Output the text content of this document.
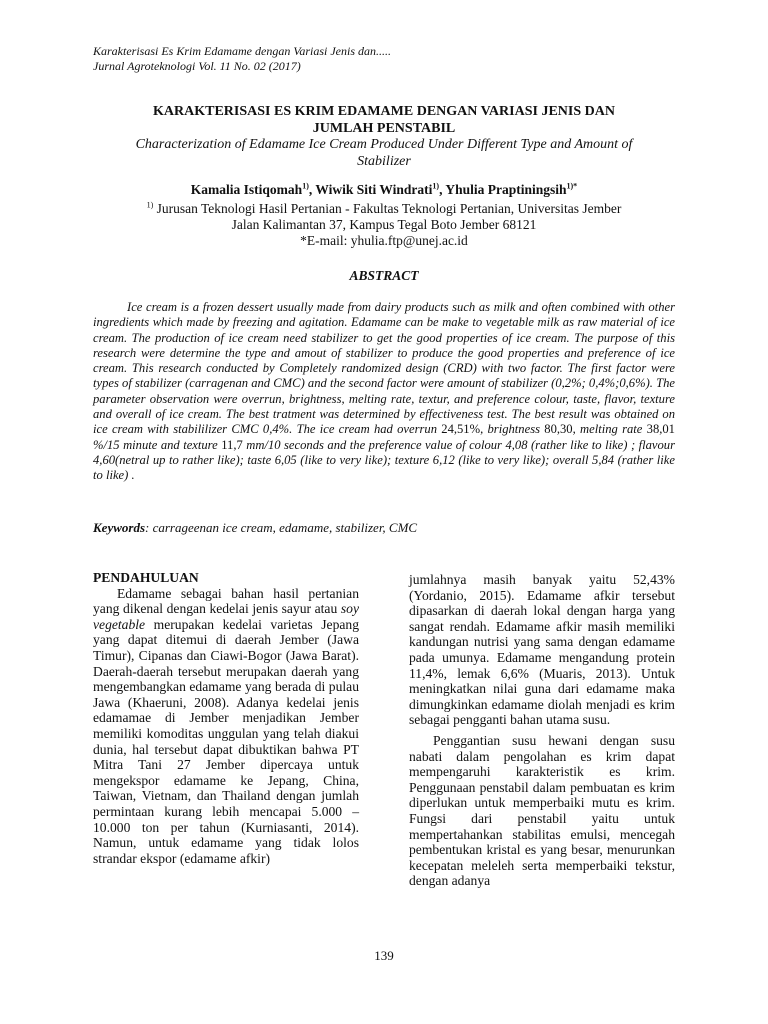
Karakterisasi Es Krim Edamame dengan Variasi Jenis dan.....
Jurnal Agroteknologi Vol. 11 No. 02 (2017)
KARAKTERISASI ES KRIM EDAMAME DENGAN VARIASI JENIS DAN
JUMLAH PENSTABIL
Characterization of Edamame Ice Cream Produced Under Different Type and Amount of
Stabilizer
Kamalia Istiqomah$^{1)}$, Wiwik Siti Windrati$^{1)}$, Yhulia Praptiningsih$^{1)*}$
$^{1)}$ Jurusan Teknologi Hasil Pertanian - Fakultas Teknologi Pertanian, Universitas Jember
Jalan Kalimantan 37, Kampus Tegal Boto Jember 68121
*E-mail: yhulia.ftp@unej.ac.id
ABSTRACT
Ice cream is a frozen dessert usually made from dairy products such as milk and often combined with other ingredients which made by freezing and agitation. Edamame can be make to vegetable milk as raw material of ice cream. The production of ice cream need stabilizer to get the good properties of ice cream. The purpose of this research were determine the type and amout of stabilizer to produce the good properties and preference of ice cream. This research conducted by Completely randomized design (CRD) with two factor. The first factor were types of stabilizer (carragenan and CMC) and the second factor were amount of stabilizer (0,2%; 0,4%;0,6%). The parameter observation were overrun, brightness, melting rate, textur, and preference colour, taste, flavor, texture and overall of ice cream. The best tratment was determined by effectiveness test. The best result was obtained on ice cream with stabililizer CMC 0,4%. The ice cream had overrun 24,51%, brightness 80,30, melting rate 38,01 %/15 minute and texture 11,7 mm/10 seconds and the preference value of colour 4,08 (rather like to like) ; flavour 4,60(netral up to rather like); taste 6,05 (like to very like); texture 6,12 (like to very like); overall 5,84 (rather like to like) .
Keywords: carrageenan ice cream, edamame, stabilizer, CMC

PENDAHULUAN

Edamame sebagai bahan hasil pertanian yang dikenal dengan kedelai jenis sayur atau soy vegetable merupakan kedelai varietas Jepang yang dapat ditemui di daerah Jember (Jawa Timur), Cipanas dan Ciawi-Bogor (Jawa Barat). Daerah-daerah tersebut merupakan daerah yang mengembangkan edamame yang berada di pulau Jawa (Khaeruni, 2008). Adanya kedelai jenis edamamae di Jember menjadikan Jember memiliki komoditas unggulan yang telah diakui dunia, hal tersebut dapat dibuktikan bahwa PT Mitra Tani 27 Jember dipercaya untuk mengekspor edamame ke Jepang, China, Taiwan, Vietnam, dan Thailand dengan jumlah permintaan kurang lebih mencapai 5.000 – 10.000 ton per tahun (Kurniasanti, 2014). Namun, untuk edamame yang tidak lolos strandar ekspor (edamame afkir)

jumlahnya masih banyak yaitu 52,43% (Yordanio, 2015). Edamame afkir tersebut dipasarkan di daerah lokal dengan harga yang sangat rendah. Edamame afkir masih memiliki kandungan nutrisi yang sama dengan edamame pada umunya. Edamame mengandung protein 11,4%, lemak 6,6% (Muaris, 2013). Untuk meningkatkan nilai guna dari edamame maka dimungkinkan edamame diolah menjadi es krim sebagai pengganti bahan utama susu.

Penggantian susu hewani dengan susu nabati dalam pengolahan es krim dapat mempengaruhi karakteristik es krim. Penggunaan penstabil dalam pembuatan es krim diperlukan untuk memperbaiki mutu es krim. Fungsi dari penstabil yaitu untuk mempertahankan stabilitas emulsi, mencegah pembentukan kristal es yang besar, menurunkan kecepatan meleleh serta memperbaiki tekstur, dengan adanya

139
